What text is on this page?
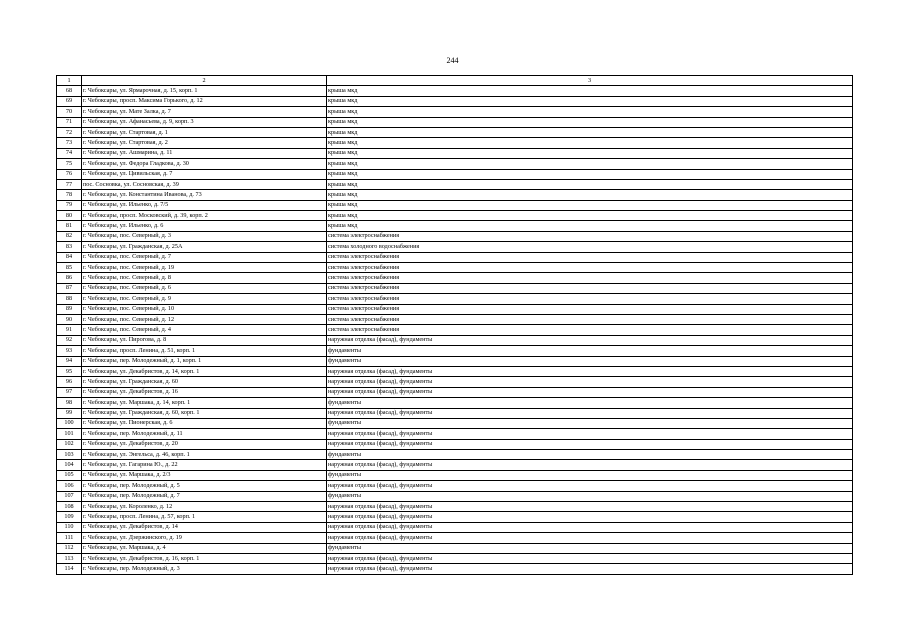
244
1	2	3
68	г. Чебоксары, ул. Ярмарочная, д. 15, корп. 1	крыша мкд
69	г. Чебоксары, просп. Максима Горького, д. 12	крыша мкд
70	г. Чебоксары, ул. Мате Залка, д. 7	крыша мкд
71	г. Чебоксары, ул. Афанасьева, д. 9, корп. 3	крыша мкд
72	г. Чебоксары, ул. Стартовая, д. 1	крыша мкд
73	г. Чебоксары, ул. Стартовая, д. 2	крыша мкд
74	г. Чебоксары, ул. Ашмарина, д. 11	крыша мкд
75	г. Чебоксары, ул. Федора Гладкова, д. 30	крыша мкд
76	г. Чебоксары, ул. Цивильская, д. 7	крыша мкд
77	пос. Сосновка, ул. Сосновская, д. 39	крыша мкд
78	г. Чебоксары, ул. Константина Иванова, д. 73	крыша мкд
79	г. Чебоксары, ул. Ильенко, д. 7/5	крыша мкд
80	г. Чебоксары, просп. Московский, д. 39, корп. 2	крыша мкд
81	г. Чебоксары, ул. Ильенко, д. 6	крыша мкд
82	г. Чебоксары, пос. Северный, д. 3	система электроснабжения
83	г. Чебоксары, ул. Гражданская, д. 25А	система холодного водоснабжения
84	г. Чебоксары, пос. Северный, д. 7	система электроснабжения
85	г. Чебоксары, пос. Северный, д. 19	система электроснабжения
86	г. Чебоксары, пос. Северный, д. 8	система электроснабжения
87	г. Чебоксары, пос. Северный, д. 6	система электроснабжения
88	г. Чебоксары, пос. Северный, д. 9	система электроснабжения
89	г. Чебоксары, пос. Северный, д. 10	система электроснабжения
90	г. Чебоксары, пос. Северный, д. 12	система электроснабжения
91	г. Чебоксары, пос. Северный, д. 4	система электроснабжения
92	г. Чебоксары, ул. Пирогова, д. 8	наружная отделка (фасад), фундаменты
93	г. Чебоксары, просп. Ленина, д. 51, корп. 1	фундаменты
94	г. Чебоксары, пер. Молодежный, д. 1, корп. 1	фундаменты
95	г. Чебоксары, ул. Декабристов, д. 14, корп. 1	наружная отделка (фасад), фундаменты
96	г. Чебоксары, ул. Гражданская, д. 60	наружная отделка (фасад), фундаменты
97	г. Чебоксары, ул. Декабристов, д. 16	наружная отделка (фасад), фундаменты
98	г. Чебоксары, ул. Маршака, д. 14, корп. 1	фундаменты
99	г. Чебоксары, ул. Гражданская, д. 60, корп. 1	наружная отделка (фасад), фундаменты
100	г. Чебоксары, ул. Пионерская, д. 6	фундаменты
101	г. Чебоксары, пер. Молодежный, д. 11	наружная отделка (фасад), фундаменты
102	г. Чебоксары, ул. Декабристов, д. 20	наружная отделка (фасад), фундаменты
103	г. Чебоксары, ул. Энгельса, д. 46, корп. 1	фундаменты
104	г. Чебоксары, ул. Гагарина Ю., д. 22	наружная отделка (фасад), фундаменты
105	г. Чебоксары, ул. Маршака, д. 2/3	фундаменты
106	г. Чебоксары, пер. Молодежный, д. 5	наружная отделка (фасад), фундаменты
107	г. Чебоксары, пер. Молодежный, д. 7	фундаменты
108	г. Чебоксары, ул. Короленко, д. 12	наружная отделка (фасад), фундаменты
109	г. Чебоксары, просп. Ленина, д. 57, корп. 1	наружная отделка (фасад), фундаменты
110	г. Чебоксары, ул. Декабристов, д. 14	наружная отделка (фасад), фундаменты
111	г. Чебоксары, ул. Дзержинского, д. 19	наружная отделка (фасад), фундаменты
112	г. Чебоксары, ул. Маршака, д. 4	фундаменты
113	г. Чебоксары, ул. Декабристов, д. 16, корп. 1	наружная отделка (фасад), фундаменты
114	г. Чебоксары, пер. Молодежный, д. 3	наружная отделка (фасад), фундаменты
